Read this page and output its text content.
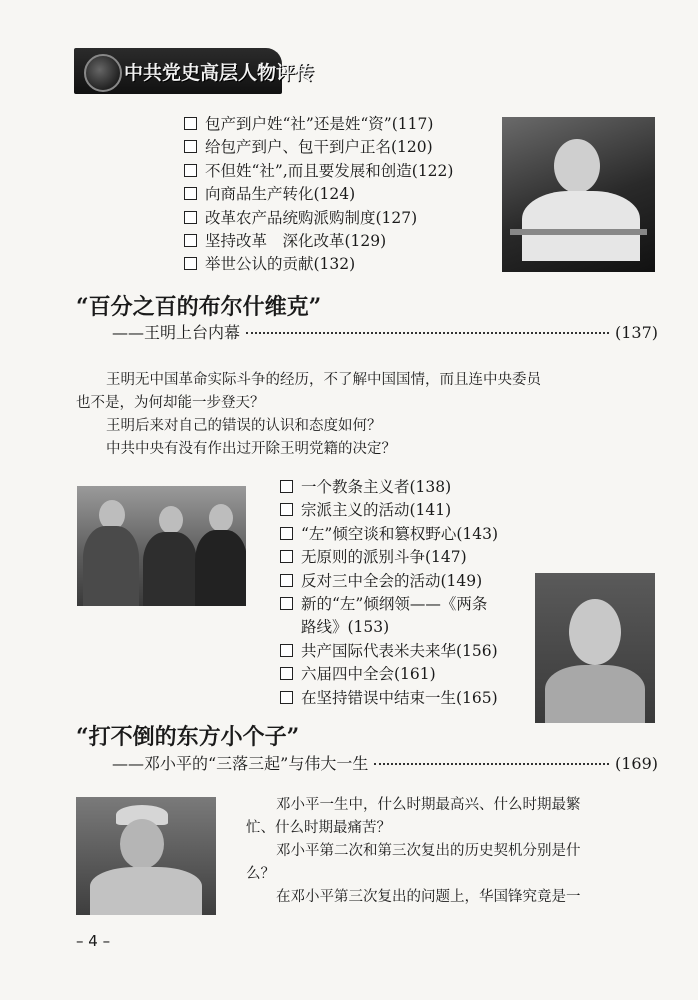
中共党史高层人物评传
包产到户姓“社”还是姓“资”(117)
给包产到户、包干到户正名(120)
不但姓“社”,而且要发展和创造(122)
向商品生产转化(124)
改革农产品统购派购制度(127)
坚持改革　深化改革(129)
举世公认的贡献(132)
“百分之百的布尔什维克”
——王明上台内幕	(137)
王明无中国革命实际斗争的经历，不了解中国国情，而且连中央委员
也不是，为何却能一步登天？
王明后来对自己的错误的认识和态度如何？
中共中央有没有作出过开除王明党籍的决定？
一个教条主义者(138)
宗派主义的活动(141)
“左”倾空谈和篡权野心(143)
无原则的派别斗争(147)
反对三中全会的活动(149)
新的“左”倾纲领——《两条
路线》(153)
共产国际代表米夫来华(156)
六届四中全会(161)
在坚持错误中结束一生(165)
“打不倒的东方小个子”
——邓小平的“三落三起”与伟大一生	(169)
邓小平一生中，什么时期最高兴、什么时期最繁
忙、什么时期最痛苦？
邓小平第二次和第三次复出的历史契机分别是什
么？
在邓小平第三次复出的问题上，华国锋究竟是一
– 4 –
